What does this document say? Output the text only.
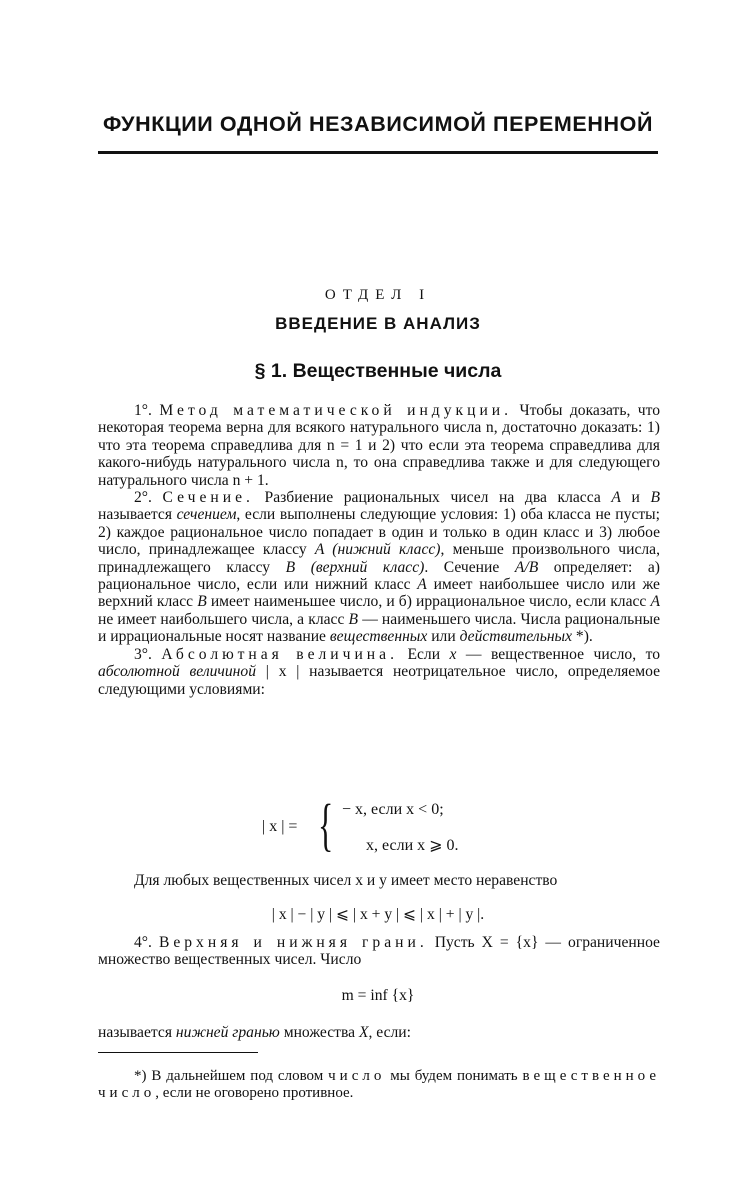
ФУНКЦИИ ОДНОЙ НЕЗАВИСИМОЙ ПЕРЕМЕННОЙ
ОТДЕЛ I
ВВЕДЕНИЕ В АНАЛИЗ
§ 1. Вещественные числа

1°. Метод математической индукции. Чтобы доказать, что некоторая теорема верна для всякого натурального числа n, достаточно доказать: 1) что эта теорема справедлива для n = 1 и 2) что если эта теорема справедлива для какого-нибудь натурального числа n, то она справедлива также и для следующего натурального числа n + 1.

2°. Сечение. Разбиение рациональных чисел на два класса A и B называется сечением, если выполнены следующие условия: 1) оба класса не пусты; 2) каждое рациональное число попадает в один и только в один класс и 3) любое число, принадлежащее классу A (нижний класс), меньше произвольного числа, принадлежащего классу B (верхний класс). Сечение A/B определяет: а) рациональное число, если или нижний класс A имеет наибольшее число или же верхний класс B имеет наименьшее число, и б) иррациональное число, если класс A не имеет наибольшего числа, а класс B — наименьшего числа. Числа рациональные и иррациональные носят название вещественных или действительных *).

3°. Абсолютная величина. Если x — вещественное число, то абсолютной величиной | x | называется неотрицательное число, определяемое следующими условиями:

| x | = { − x, если x < 0;
x, если x ⩾ 0.
Для любых вещественных чисел x и y имеет место неравенство
| x | − | y | ⩽ | x + y | ⩽ | x | + | y |.

4°. Верхняя и нижняя грани. Пусть X = {x} — ограниченное множество вещественных чисел. Число

m = inf {x}
называется нижней гранью множества X, если:

*) В дальнейшем под словом число мы будем понимать вещественное число, если не оговорено противное.
